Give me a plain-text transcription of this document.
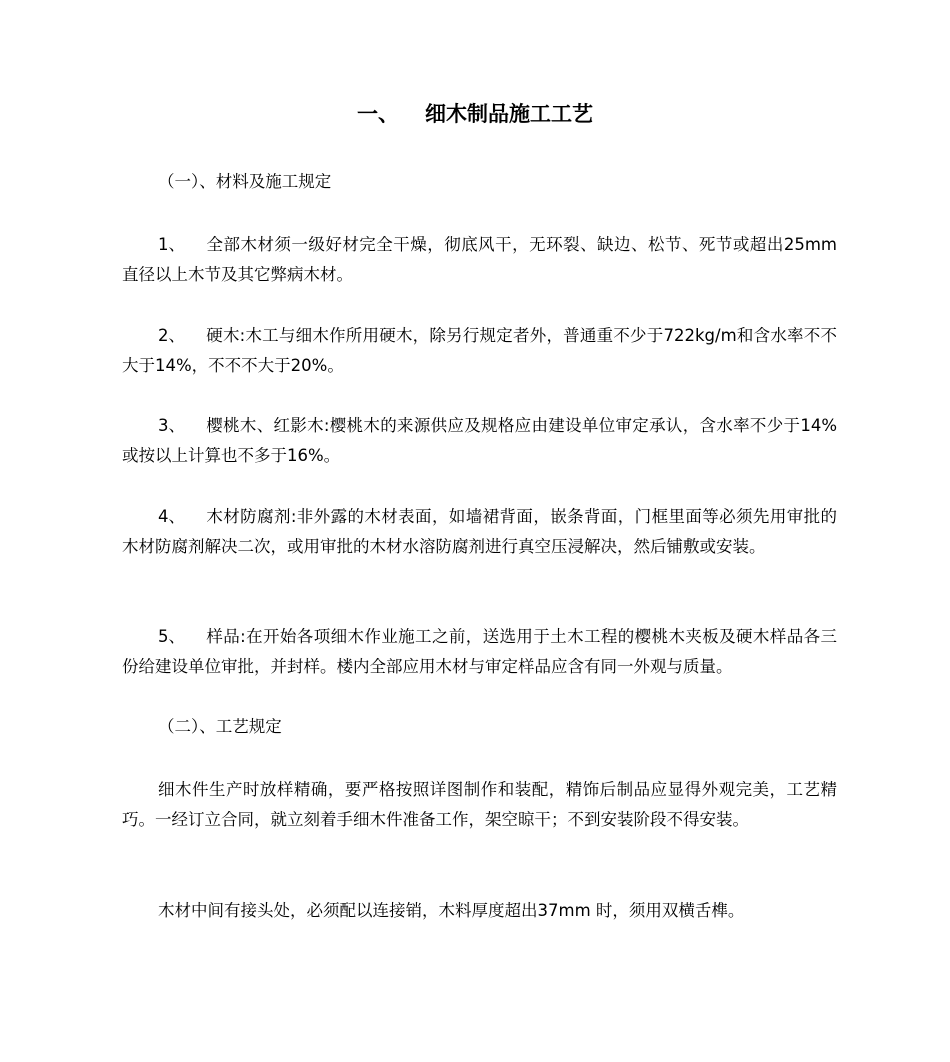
一、 细木制品施工工艺
（一）、材料及施工规定
1、 全部木材须一级好材完全干燥，彻底风干，无环裂、缺边、松节、死节或超出25mm 直径以上木节及其它弊病木材。
2、 硬木:木工与细木作所用硬木，除另行规定者外，普通重不少于722kg/m和含水率不不大于14%，不不不大于20%。
3、 樱桃木、红影木:樱桃木的来源供应及规格应由建设单位审定承认，含水率不少于14%或按以上计算也不多于16%。
4、 木材防腐剂:非外露的木材表面，如墙裙背面，嵌条背面，门框里面等必须先用审批的木材防腐剂解决二次，或用审批的木材水溶防腐剂进行真空压浸解决，然后铺敷或安装。
5、 样品:在开始各项细木作业施工之前，送选用于土木工程的樱桃木夹板及硬木样品各三份给建设单位审批，并封样。楼内全部应用木材与审定样品应含有同一外观与质量。
（二）、工艺规定
细木件生产时放样精确，要严格按照详图制作和装配，精饰后制品应显得外观完美，工艺精巧。一经订立合同，就立刻着手细木件准备工作，架空晾干；不到安装阶段不得安装。
木材中间有接头处，必须配以连接销，木料厚度超出37mm 时，须用双横舌榫。
